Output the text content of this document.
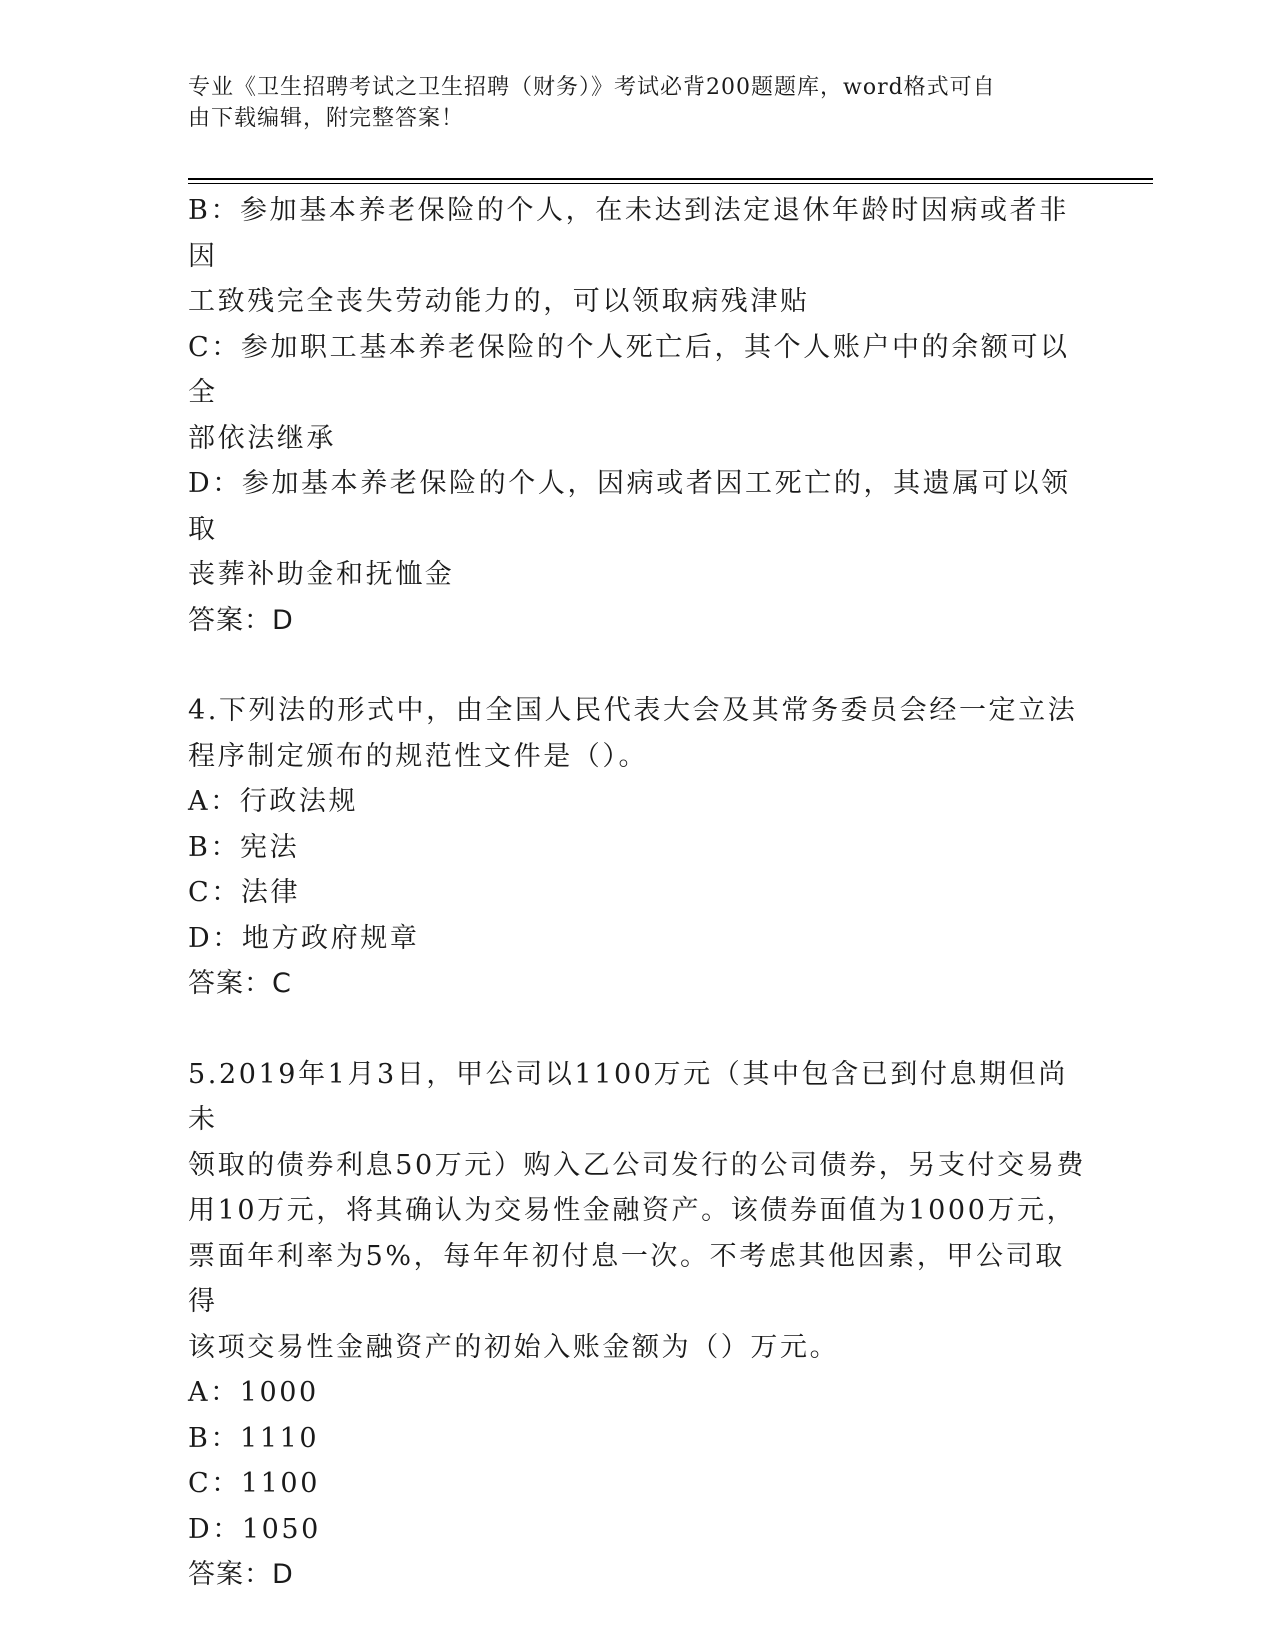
专业《卫生招聘考试之卫生招聘（财务）》考试必背200题题库，word格式可自
由下载编辑，附完整答案！

B：参加基本养老保险的个人，在未达到法定退休年龄时因病或者非因

工致残完全丧失劳动能力的，可以领取病残津贴

C：参加职工基本养老保险的个人死亡后，其个人账户中的余额可以全

部依法继承

D：参加基本养老保险的个人，因病或者因工死亡的，其遗属可以领取

丧葬补助金和抚恤金

答案：D

4.下列法的形式中，由全国人民代表大会及其常务委员会经一定立法

程序制定颁布的规范性文件是（）。

A：行政法规

B：宪法

C：法律

D：地方政府规章

答案：C

5.2019年1月3日，甲公司以1100万元（其中包含已到付息期但尚未

领取的债券利息50万元）购入乙公司发行的公司债券，另支付交易费

用10万元，将其确认为交易性金融资产。该债券面值为1000万元，

票面年利率为5%，每年年初付息一次。不考虑其他因素，甲公司取得

该项交易性金融资产的初始入账金额为（）万元。

A：1000

B：1110

C：1100

D：1050

答案：D
